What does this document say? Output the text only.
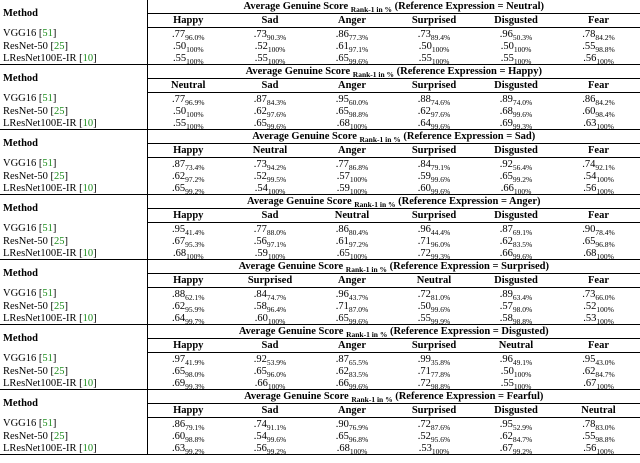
Method	Average Genuine Score $_{Rank-1 in \%}$ (Reference Expression = Neutral)					
	Happy	Sad	Anger	Surprised	Disgusted	Fear
VGG16 [51]	$.77_{96.0\%}$	$.73_{90.3\%}$	$.86_{77.3\%}$	$.73_{89.4\%}$	$.96_{50.3\%}$	$.78_{84.2\%}$
ResNet-50 [25]	$.50_{100\%}$	$.52_{100\%}$	$.61_{97.1\%}$	$.50_{100\%}$	$.50_{100\%}$	$.55_{98.8\%}$
LResNet100E-IR [10]	$.55_{100\%}$	$.55_{100\%}$	$.65_{99.6\%}$	$.55_{100\%}$	$.55_{100\%}$	$.56_{100\%}$
Method	Average Genuine Score $_{Rank-1 in \%}$ (Reference Expression = Happy)					
	Neutral	Sad	Anger	Surprised	Disgusted	Fear
VGG16 [51]	$.77_{96.9\%}$	$.87_{84.3\%}$	$.95_{60.0\%}$	$.88_{74.6\%}$	$.89_{74.0\%}$	$.86_{84.2\%}$
ResNet-50 [25]	$.50_{100\%}$	$.62_{97.6\%}$	$.65_{98.8\%}$	$.62_{97.6\%}$	$.68_{99.6\%}$	$.60_{98.4\%}$
LResNet100E-IR [10]	$.55_{100\%}$	$.65_{99.6\%}$	$.68_{100\%}$	$.64_{99.6\%}$	$.69_{99.3\%}$	$.63_{100\%}$
Method	Average Genuine Score $_{Rank-1 in \%}$ (Reference Expression = Sad)					
	Happy	Neutral	Anger	Surprised	Disgusted	Fear
VGG16 [51]	$.87_{73.4\%}$	$.73_{94.2\%}$	$.77_{86.8\%}$	$.84_{79.1\%}$	$.92_{56.4\%}$	$.74_{92.1\%}$
ResNet-50 [25]	$.62_{97.2\%}$	$.52_{99.5\%}$	$.57_{100\%}$	$.59_{99.6\%}$	$.65_{99.2\%}$	$.54_{100\%}$
LResNet100E-IR [10]	$.65_{99.2\%}$	$.54_{100\%}$	$.59_{100\%}$	$.60_{99.6\%}$	$.66_{100\%}$	$.56_{100\%}$
Method	Average Genuine Score $_{Rank-1 in \%}$ (Reference Expression = Anger)					
	Happy	Sad	Neutral	Surprised	Disgusted	Fear
VGG16 [51]	$.95_{41.4\%}$	$.77_{88.0\%}$	$.86_{80.4\%}$	$.96_{44.4\%}$	$.87_{69.1\%}$	$.90_{78.4\%}$
ResNet-50 [25]	$.67_{95.3\%}$	$.56_{97.1\%}$	$.61_{97.2\%}$	$.71_{96.0\%}$	$.62_{83.5\%}$	$.65_{96.8\%}$
LResNet100E-IR [10]	$.68_{100\%}$	$.59_{100\%}$	$.65_{100\%}$	$.72_{99.3\%}$	$.66_{99.6\%}$	$.68_{100\%}$
Method	Average Genuine Score $_{Rank-1 in \%}$ (Reference Expression = Surprised)					
	Happy	Surprised	Anger	Neutral	Disgusted	Fear
VGG16 [51]	$.88_{62.1\%}$	$.84_{74.7\%}$	$.96_{43.7\%}$	$.72_{81.0\%}$	$.89_{63.4\%}$	$.73_{66.0\%}$
ResNet-50 [25]	$.62_{95.9\%}$	$.58_{96.4\%}$	$.71_{87.0\%}$	$.50_{99.6\%}$	$.57_{98.0\%}$	$.52_{100\%}$
LResNet100E-IR [10]	$.64_{99.7\%}$	$.60_{100\%}$	$.65_{99.6\%}$	$.55_{99.9\%}$	$.58_{98.8\%}$	$.53_{100\%}$
Method	Average Genuine Score $_{Rank-1 in \%}$ (Reference Expression = Disgusted)					
	Happy	Sad	Anger	Surprised	Neutral	Fear
VGG16 [51]	$.97_{41.9\%}$	$.92_{53.9\%}$	$.87_{65.5\%}$	$.99_{35.8\%}$	$.96_{49.1\%}$	$.95_{43.0\%}$
ResNet-50 [25]	$.65_{98.0\%}$	$.65_{96.0\%}$	$.62_{83.5\%}$	$.71_{77.8\%}$	$.50_{100\%}$	$.62_{84.7\%}$
LResNet100E-IR [10]	$.69_{99.3\%}$	$.66_{100\%}$	$.66_{99.6\%}$	$.72_{98.8\%}$	$.55_{100\%}$	$.67_{100\%}$
Method	Average Genuine Score $_{Rank-1 in \%}$ (Reference Expression = Fearful)					
	Happy	Sad	Anger	Surprised	Disgusted	Neutral
VGG16 [51]	$.86_{79.1\%}$	$.74_{91.1\%}$	$.90_{76.9\%}$	$.72_{87.6\%}$	$.95_{52.9\%}$	$.78_{83.0\%}$
ResNet-50 [25]	$.60_{98.8\%}$	$.54_{99.6\%}$	$.65_{96.8\%}$	$.52_{95.6\%}$	$.62_{84.7\%}$	$.55_{98.8\%}$
LResNet100E-IR [10]	$.63_{99.2\%}$	$.56_{99.2\%}$	$.68_{100\%}$	$.53_{100\%}$	$.67_{99.2\%}$	$.56_{100\%}$
